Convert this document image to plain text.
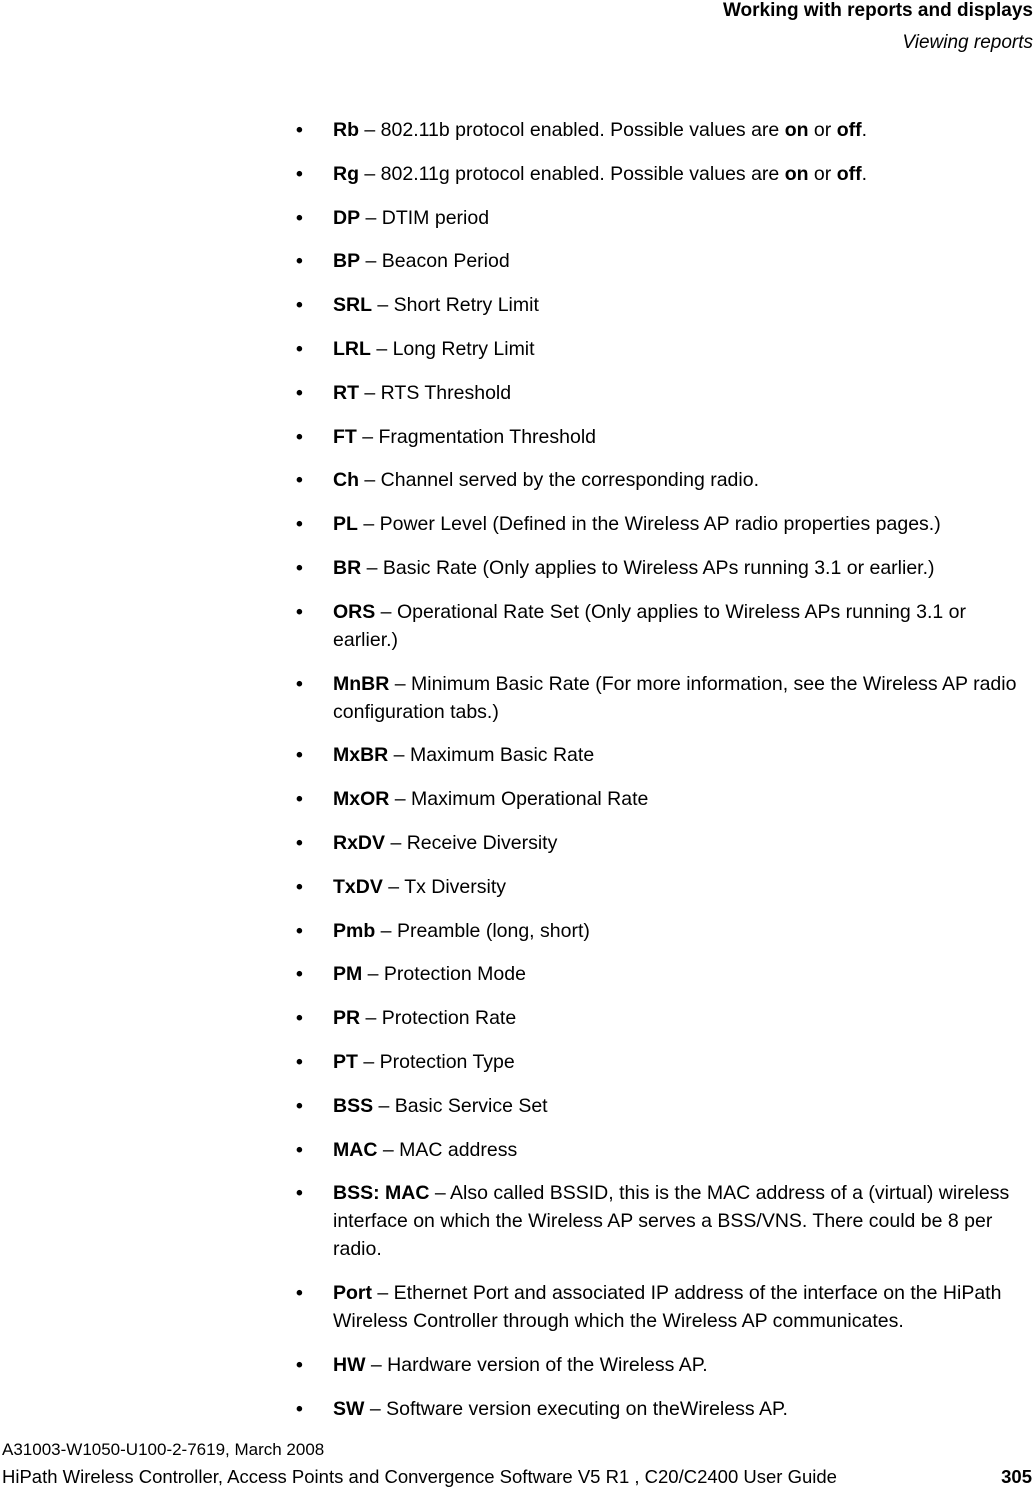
Working with reports and displays
Viewing reports
• Rb – 802.11b protocol enabled. Possible values are on or off.
• Rg – 802.11g protocol enabled. Possible values are on or off.
• DP – DTIM period
• BP – Beacon Period
• SRL – Short Retry Limit
• LRL – Long Retry Limit
• RT – RTS Threshold
• FT – Fragmentation Threshold
• Ch – Channel served by the corresponding radio.
• PL – Power Level (Defined in the Wireless AP radio properties pages.)
• BR – Basic Rate (Only applies to Wireless APs running 3.1 or earlier.)
• ORS – Operational Rate Set (Only applies to Wireless APs running 3.1 or earlier.)
• MnBR – Minimum Basic Rate (For more information, see the Wireless AP radio configuration tabs.)
• MxBR – Maximum Basic Rate
• MxOR – Maximum Operational Rate
• RxDV – Receive Diversity
• TxDV – Tx Diversity
• Pmb – Preamble (long, short)
• PM – Protection Mode
• PR – Protection Rate
• PT – Protection Type
• BSS – Basic Service Set
• MAC – MAC address
• BSS: MAC – Also called BSSID, this is the MAC address of a (virtual) wireless interface on which the Wireless AP serves a BSS/VNS. There could be 8 per radio.
• Port – Ethernet Port and associated IP address of the interface on the HiPath Wireless Controller through which the Wireless AP communicates.
• HW – Hardware version of the Wireless AP.
• SW – Software version executing on theWireless AP.
A31003-W1050-U100-2-7619, March 2008
HiPath Wireless Controller, Access Points and Convergence Software V5 R1 , C20/C2400 User Guide	305
